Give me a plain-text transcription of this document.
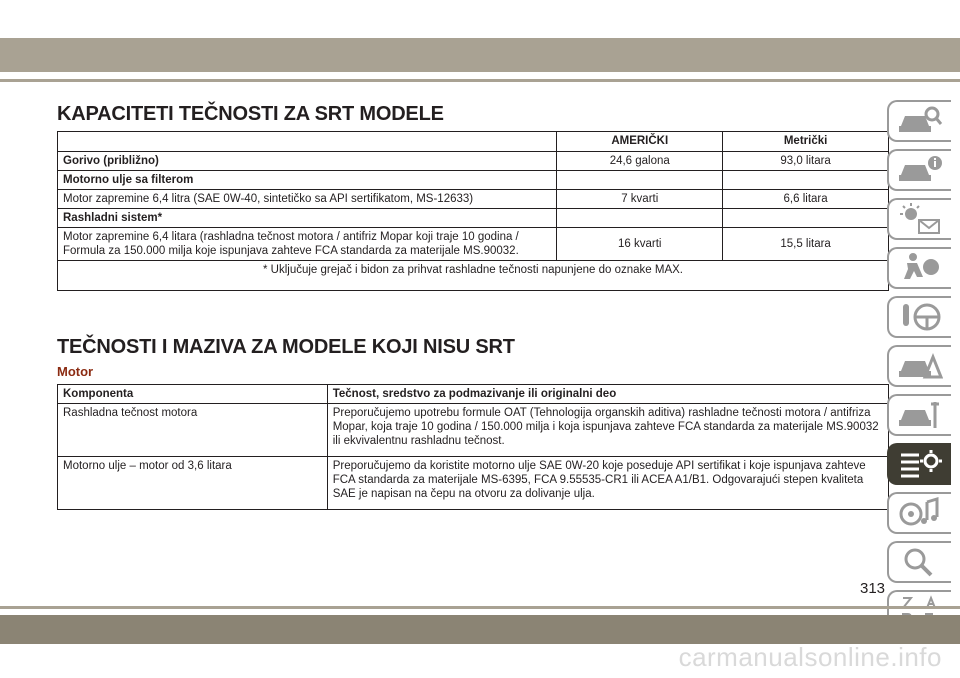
KAPACITETI TEČNOSTI ZA SRT MODELE
	AMERIČKI	Metrički
Gorivo (približno)	24,6 galona	93,0 litara
Motorno ulje sa filterom		
Motor zapremine 6,4 litra (SAE 0W-40, sintetičko sa API sertifikatom, MS-12633)	7 kvarti	6,6 litara
Rashladni sistem*		
Motor zapremine 6,4 litara (rashladna tečnost motora / antifriz Mopar koji traje 10 godina / Formula za 150.000 milja koje ispunjava zahteve FCA standarda za materijale MS.90032.	16 kvarti	15,5 litara
* Uključuje grejač i bidon za prihvat rashladne tečnosti napunjene do oznake MAX.		
TEČNOSTI I MAZIVA ZA MODELE KOJI NISU SRT
Motor
Komponenta	Tečnost, sredstvo za podmazivanje ili originalni deo
Rashladna tečnost motora	Preporučujemo upotrebu formule OAT (Tehnologija organskih aditiva) rashladne tečnosti motora / antifriza Mopar, koja traje 10 godina / 150.000 milja i koja ispunjava zahteve FCA standarda za materijale MS.90032 ili ekvivalentnu rashladnu tečnost.
Motorno ulje – motor od 3,6 litara	Preporučujemo da koristite motorno ulje SAE 0W-20 koje poseduje API sertifikat i koje ispunjava zahteve FCA standarda za materijale MS-6395, FCA 9.55535-CR1 ili ACEA A1/B1. Odgovarajući stepen kvaliteta SAE je napisan na čepu na otvoru za dolivanje ulja.
313
carmanualsonline.info
